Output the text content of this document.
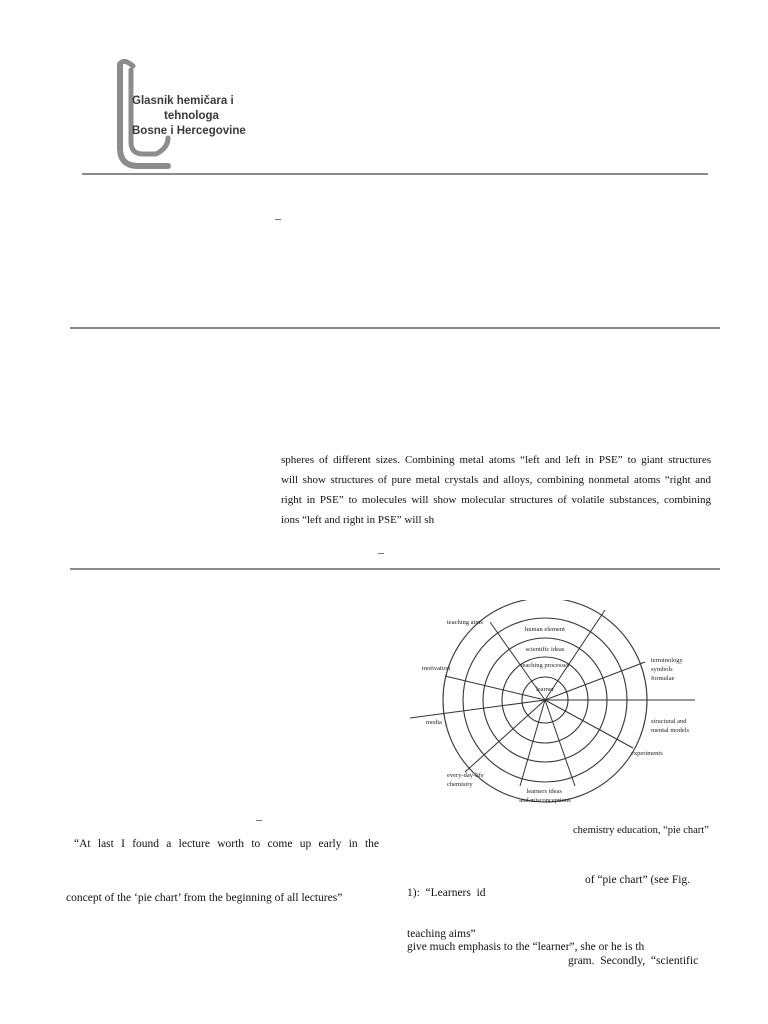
Glasnik hemičara i
tehnologa
Bosne i Hercegovine
–
spheres of different sizes. Combining metal atoms “left and left in PSE” to giant structures
will show structures of pure metal crystals and alloys, combining nonmetal atoms “right and
right in PSE” to molecules will show molecular structures of volatile substances, combining
ions “left and right in PSE” will sh
–
–
“At last I found a lecture worth to come up early in the
concept of the ‘pie chart’ from the beginning of all lectures”
learner
teaching processes
scientific ideas
human element
teaching aims
motivation
media
every-day-life chemistry
learners ideas and misconceptions
experiments
structural and mental models
terminology symbols formulae
chemistry education, “pie chart”
of “pie chart” (see Fig.
1):  “Learners  id
teaching aims”
give much emphasis to the “learner”, she or he is th
gram.  Secondly,  “scientific
